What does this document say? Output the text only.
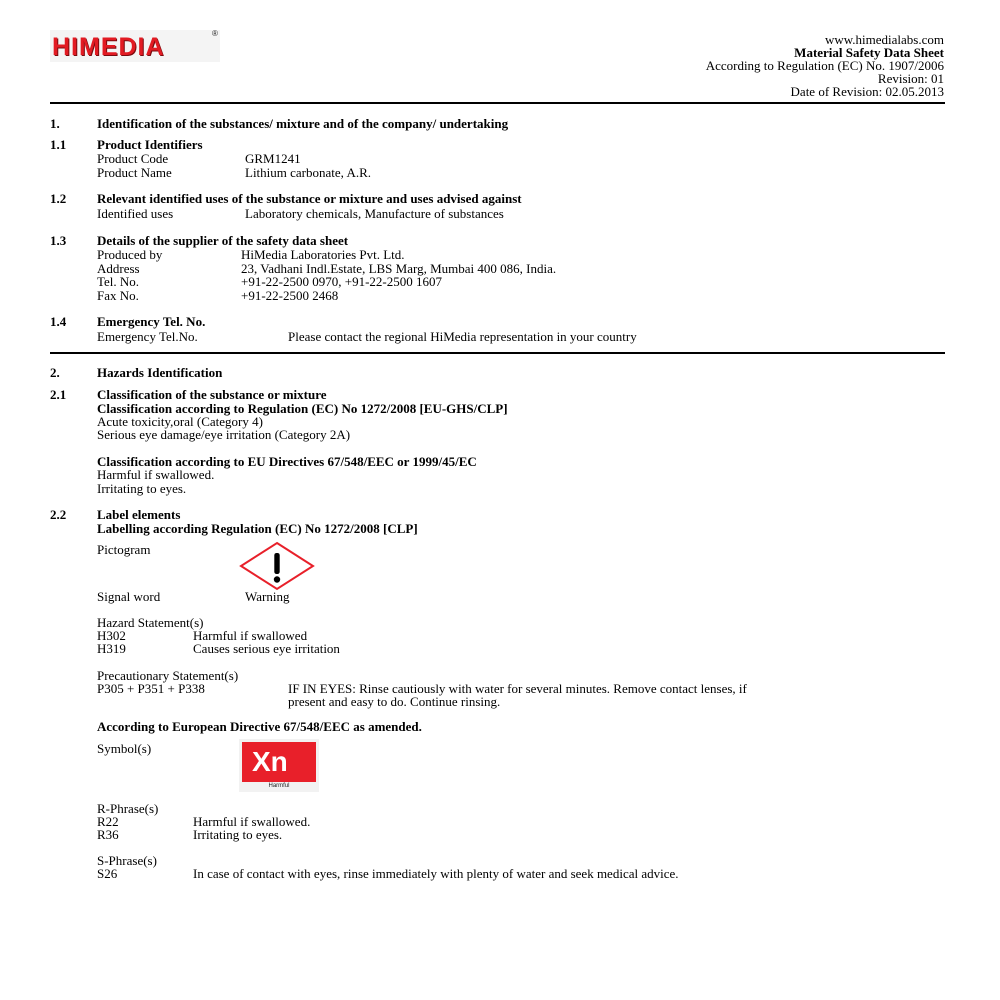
HIMEDIA	®	www.himedialabs.com
Material Safety Data Sheet
According to Regulation (EC) No. 1907/2006
Revision: 01
Date of Revision: 02.05.2013
1.	Identification of the substances/ mixture and of the company/ undertaking
1.1 Product Identifiers
Product Code	GRM1241
Product Name	Lithium carbonate, A.R.
1.2 Relevant identified uses of the substance or mixture and uses advised against
Identified uses	Laboratory chemicals, Manufacture of substances
1.3 Details of the supplier of the safety data sheet
Produced by	HiMedia Laboratories Pvt. Ltd.
Address	23, Vadhani Indl.Estate, LBS Marg, Mumbai 400 086, India.
Tel. No.	+91-22-2500 0970, +91-22-2500 1607
Fax No.	+91-22-2500 2468
1.4 Emergency Tel. No.
Emergency Tel.No.	Please contact the regional HiMedia representation in your country
2.	Hazards Identification
2.1 Classification of the substance or mixture
Classification according to Regulation (EC) No 1272/2008 [EU-GHS/CLP]
Acute toxicity,oral (Category 4)
Serious eye damage/eye irritation (Category 2A)
Classification according to EU Directives 67/548/EEC or 1999/45/EC
Harmful if swallowed.
Irritating to eyes.
2.2 Label elements
Labelling according Regulation (EC) No 1272/2008 [CLP]
Pictogram
Signal word	Warning
Hazard Statement(s)
H302	Harmful if swallowed
H319	Causes serious eye irritation
Precautionary Statement(s)
P305 + P351 + P338	IF IN EYES: Rinse cautiously with water for several minutes. Remove contact lenses, if
present and easy to do. Continue rinsing.
According to European Directive 67/548/EEC as amended.
Symbol(s)	Xn
Harmful
R-Phrase(s)
R22	Harmful if swallowed.
R36	Irritating to eyes.
S-Phrase(s)
S26	In case of contact with eyes, rinse immediately with plenty of water and seek medical advice.
